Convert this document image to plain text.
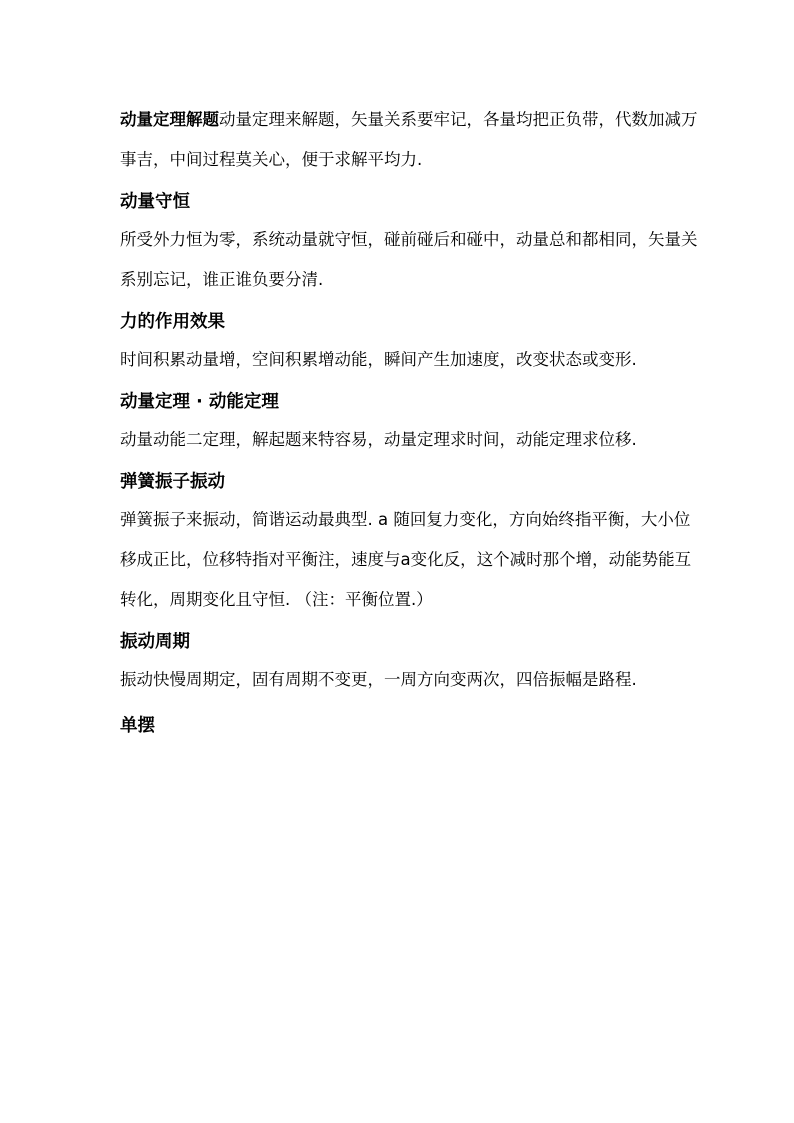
动量定理解题动量定理来解题，矢量关系要牢记，各量均把正负带，代数加减万事吉，中间过程莫关心，便于求解平均力.

动量守恒

所受外力恒为零，系统动量就守恒，碰前碰后和碰中，动量总和都相同，矢量关系别忘记，谁正谁负要分清.

力的作用效果

时间积累动量增，空间积累增动能，瞬间产生加速度，改变状态或变形.

动量定理 · 动能定理

动量动能二定理，解起题来特容易，动量定理求时间，动能定理求位移.

弹簧振子振动

弹簧振子来振动，简谐运动最典型. a 随回复力变化，方向始终指平衡，大小位移成正比，位移特指对平衡注，速度与a变化反，这个减时那个增，动能势能互转化，周期变化且守恒. （注：平衡位置.）

振动周期

振动快慢周期定，固有周期不变更，一周方向变两次，四倍振幅是路程.

单摆
